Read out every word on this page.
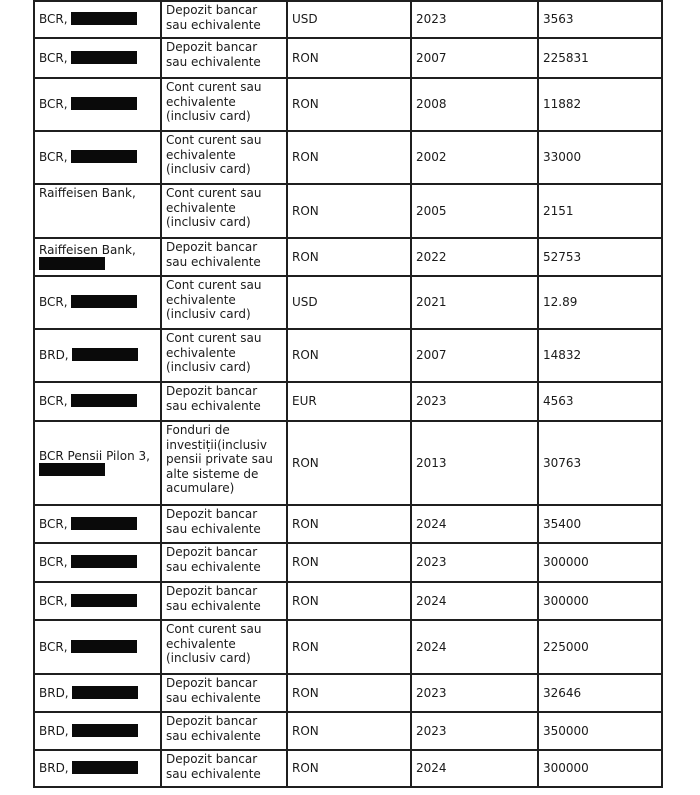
BCR,	Depozit bancar sau echivalente	USD	2023	3563
BCR,	Depozit bancar sau echivalente	RON	2007	225831
BCR,	Cont curent sau echivalente (inclusiv card)	RON	2008	11882
BCR,	Cont curent sau echivalente (inclusiv card)	RON	2002	33000
Raiffeisen Bank,	Cont curent sau echivalente (inclusiv card)	RON	2005	2151
Raiffeisen Bank,	Depozit bancar sau echivalente	RON	2022	52753
BCR,	Cont curent sau echivalente (inclusiv card)	USD	2021	12.89
BRD,	Cont curent sau echivalente (inclusiv card)	RON	2007	14832
BCR,	Depozit bancar sau echivalente	EUR	2023	4563
BCR Pensii Pilon 3,	Fonduri de investiții(inclusiv pensii private sau alte sisteme de acumulare)	RON	2013	30763
BCR,	Depozit bancar sau echivalente	RON	2024	35400
BCR,	Depozit bancar sau echivalente	RON	2023	300000
BCR,	Depozit bancar sau echivalente	RON	2024	300000
BCR,	Cont curent sau echivalente (inclusiv card)	RON	2024	225000
BRD,	Depozit bancar sau echivalente	RON	2023	32646
BRD,	Depozit bancar sau echivalente	RON	2023	350000
BRD,	Depozit bancar sau echivalente	RON	2024	300000
